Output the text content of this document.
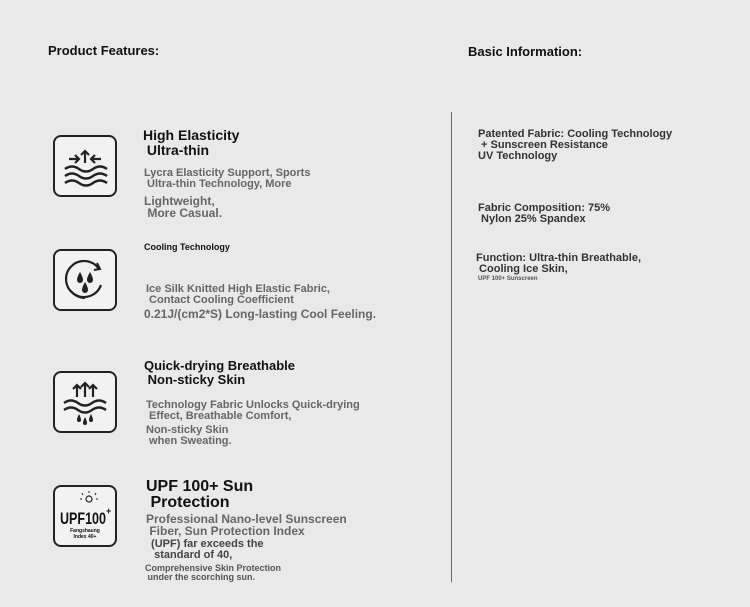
Product Features:	Basic Information:
High Elasticity
Ultra-thin
Lycra Elasticity Support, Sports
Ultra-thin Technology, More
Lightweight,
More Casual.
Cooling Technology
Ice Silk Knitted High Elastic Fabric,
Contact Cooling Coefficient
0.21J/(cm2*S) Long-lasting Cool Feeling.
Quick-drying Breathable
Non-sticky Skin
Technology Fabric Unlocks Quick-drying
Effect, Breathable Comfort,
Non-sticky Skin
when Sweating.
UPF100 +
Fangshaung
Index 40+
UPF 100+ Sun
Protection
Professional Nano-level Sunscreen
Fiber, Sun Protection Index
(UPF) far exceeds the
standard of 40,
Comprehensive Skin Protection
under the scorching sun.
Patented Fabric: Cooling Technology
+ Sunscreen Resistance
UV Technology
Fabric Composition: 75%
Nylon 25% Spandex
Function: Ultra-thin Breathable,
Cooling Ice Skin,
UPF 100+ Sunscreen
